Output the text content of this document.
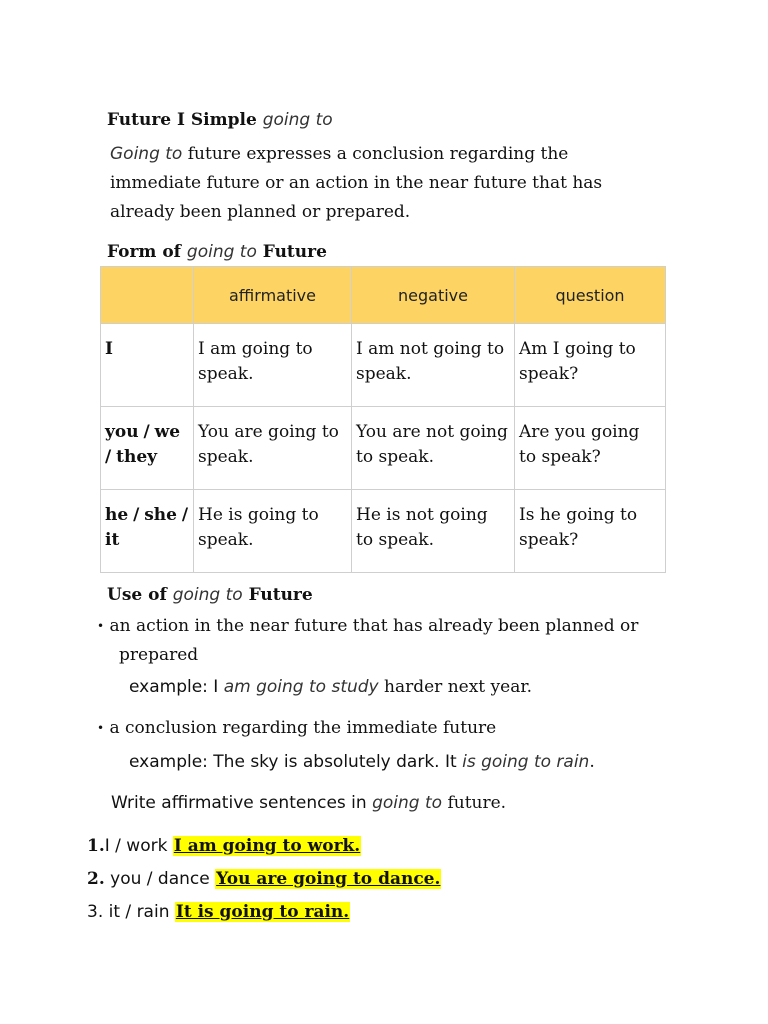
Future I Simple going to
Going to future expresses a conclusion regarding the
immediate future or an action in the near future that has
already been planned or prepared.
Form of going to Future
	affirmative	negative	question

I	I am going to speak.	I am not going to speak.	Am I going to speak?

you / we / they	You are going to speak.	You are not going to speak.	Are you going to speak?

he / she / it	He is going to speak.	He is not going to speak.	Is he going to speak?
Use of going to Future
• an action in the near future that has already been planned or
prepared
example: I am going to study harder next year.
• a conclusion regarding the immediate future
example: The sky is absolutely dark. It is going to rain.
Write affirmative sentences in going to future.
1.I / work I am going to work.
2. you / dance You are going to dance.
3. it / rain It is going to rain.
